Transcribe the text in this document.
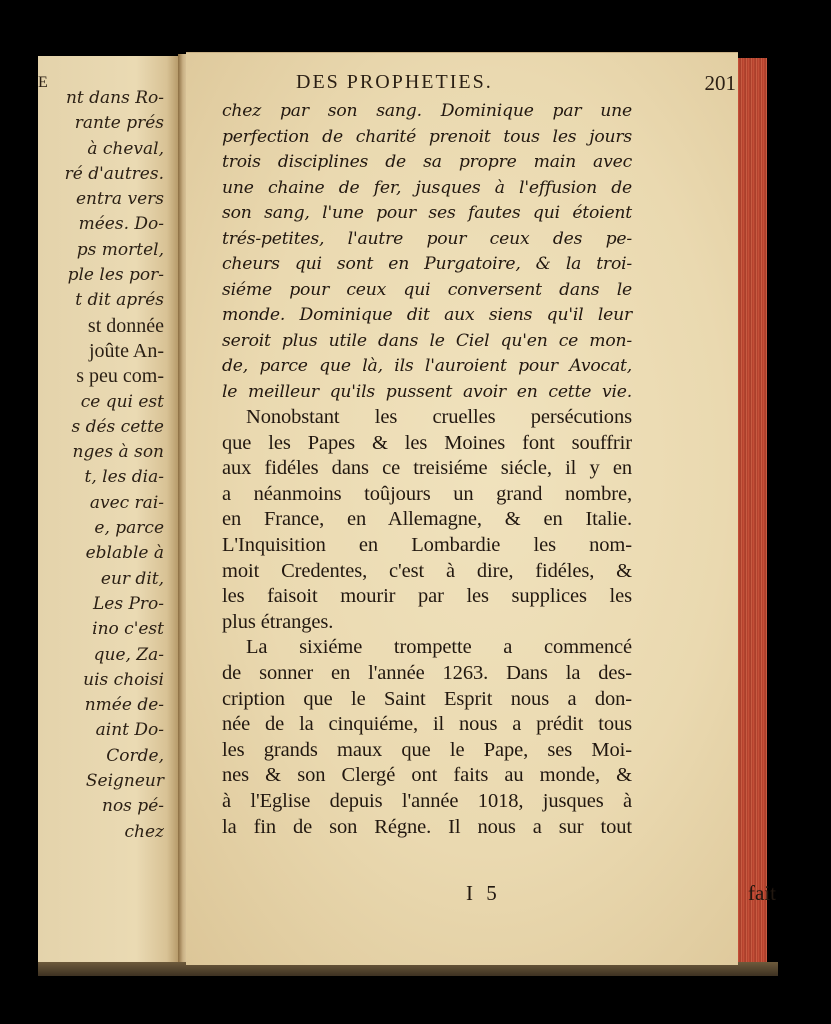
E
nt dans Ro-
rante prés
à cheval,
ré d'autres.
entra vers
mées. Do-
ps mortel,
ple les por-
t dit aprés
st donnée
joûte An-
s peu com-
ce qui est
s dés cette
nges à son
t, les dia-
avec rai-
e, parce
eblable à
eur dit,
Les Pro-
ino c'est
que, Za-
uis choisi
nmée de-
aint Do-
Corde,
Seigneur
nos pé-
chez
DES PROPHETIES.	201
chez par son sang. Dominique par une
perfection de charité prenoit tous les jours
trois disciplines de sa propre main avec
une chaine de fer, jusques à l'effusion de
son sang, l'une pour ses fautes qui étoient
trés-petites, l'autre pour ceux des pe-
cheurs qui sont en Purgatoire, & la troi-
siéme pour ceux qui conversent dans le
monde. Dominique dit aux siens qu'il leur
seroit plus utile dans le Ciel qu'en ce mon-
de, parce que là, ils l'auroient pour Avocat,
le meilleur qu'ils pussent avoir en cette vie.
Nonobstant les cruelles persécutions
que les Papes & les Moines font souffrir
aux fidéles dans ce treisiéme siécle, il y en
a néanmoins toûjours un grand nombre,
en France, en Allemagne, & en Italie.
L'Inquisition en Lombardie les nom-
moit Credentes, c'est à dire, fidéles, &
les faisoit mourir par les supplices les
plus étranges.
La sixiéme trompette a commencé
de sonner en l'année 1263. Dans la des-
cription que le Saint Esprit nous a don-
née de la cinquiéme, il nous a prédit tous
les grands maux que le Pape, ses Moi-
nes & son Clergé ont faits au monde, &
à l'Eglise depuis l'année 1018, jusques à
la fin de son Régne. Il nous a sur tout
I 5	fait
